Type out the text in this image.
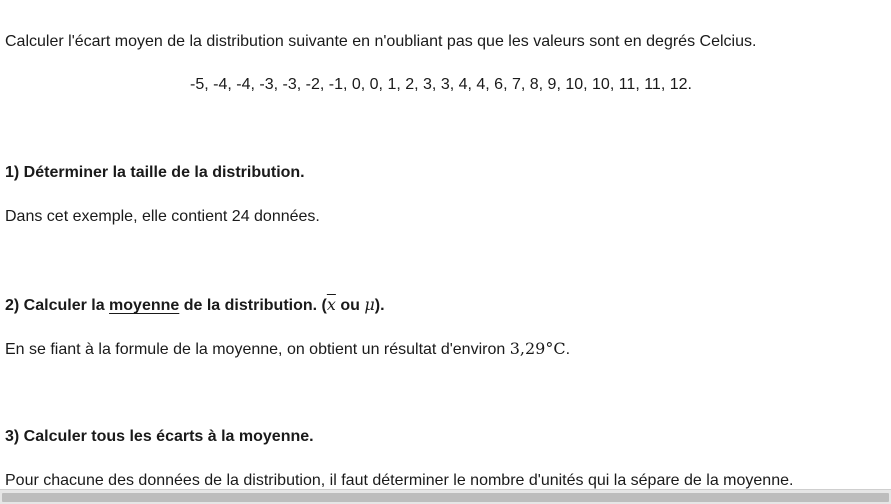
Calculer l'écart moyen de la distribution suivante en n'oubliant pas que les valeurs sont en degrés Celcius.
-5, -4, -4, -3, -3, -2, -1, 0, 0, 1, 2, 3, 3, 4, 4, 6, 7, 8, 9, 10, 10, 11, 11, 12.
1) Déterminer la taille de la distribution.
Dans cet exemple, elle contient 24 données.
2) Calculer la moyenne de la distribution. ($\overline{x}$ ou μ).
En se fiant à la formule de la moyenne, on obtient un résultat d'environ 3,29°C.
3) Calculer tous les écarts à la moyenne.
Pour chacune des données de la distribution, il faut déterminer le nombre d'unités qui la sépare de la moyenne.
